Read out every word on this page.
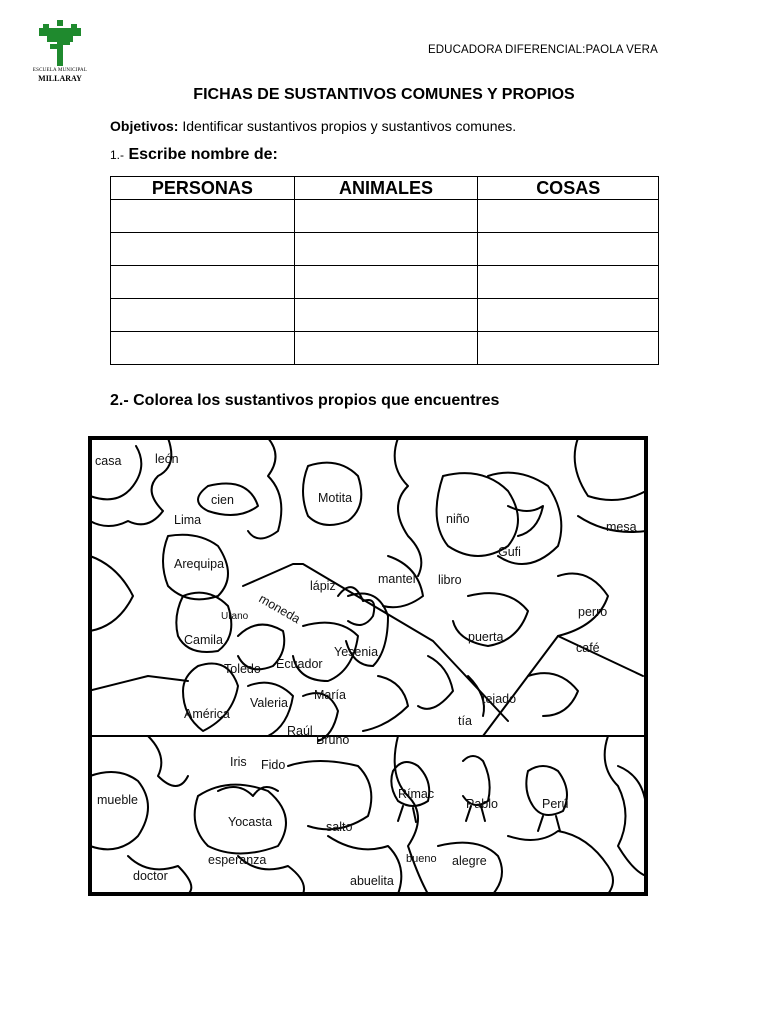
ESCUELA MUNICIPAL
MILLARAY
EDUCADORA DIFERENCIAL:PAOLA VERA
FICHAS DE SUSTANTIVOS COMUNES Y PROPIOS
Objetivos: Identificar sustantivos propios y sustantivos comunes.
1.- Escribe nombre de:
PERSONAS	ANIMALES	COSAS

2.- Colorea los sustantivos propios que encuentres
casa	león
cien
Lima
Motita
niño
mesa
Gufi
Arequipa
lápiz	mantel libro
Urano moneda	perro
Camila
Yesenia
puerta
café
Toledo Ecuador
María	tejado
América
Valeria
tía
Raúl
Bruno
Iris Fido
mueble	Rímac
Pablo	Perú
Yocasta	salto
esperanza	bueno alegre
doctor	abuelita
